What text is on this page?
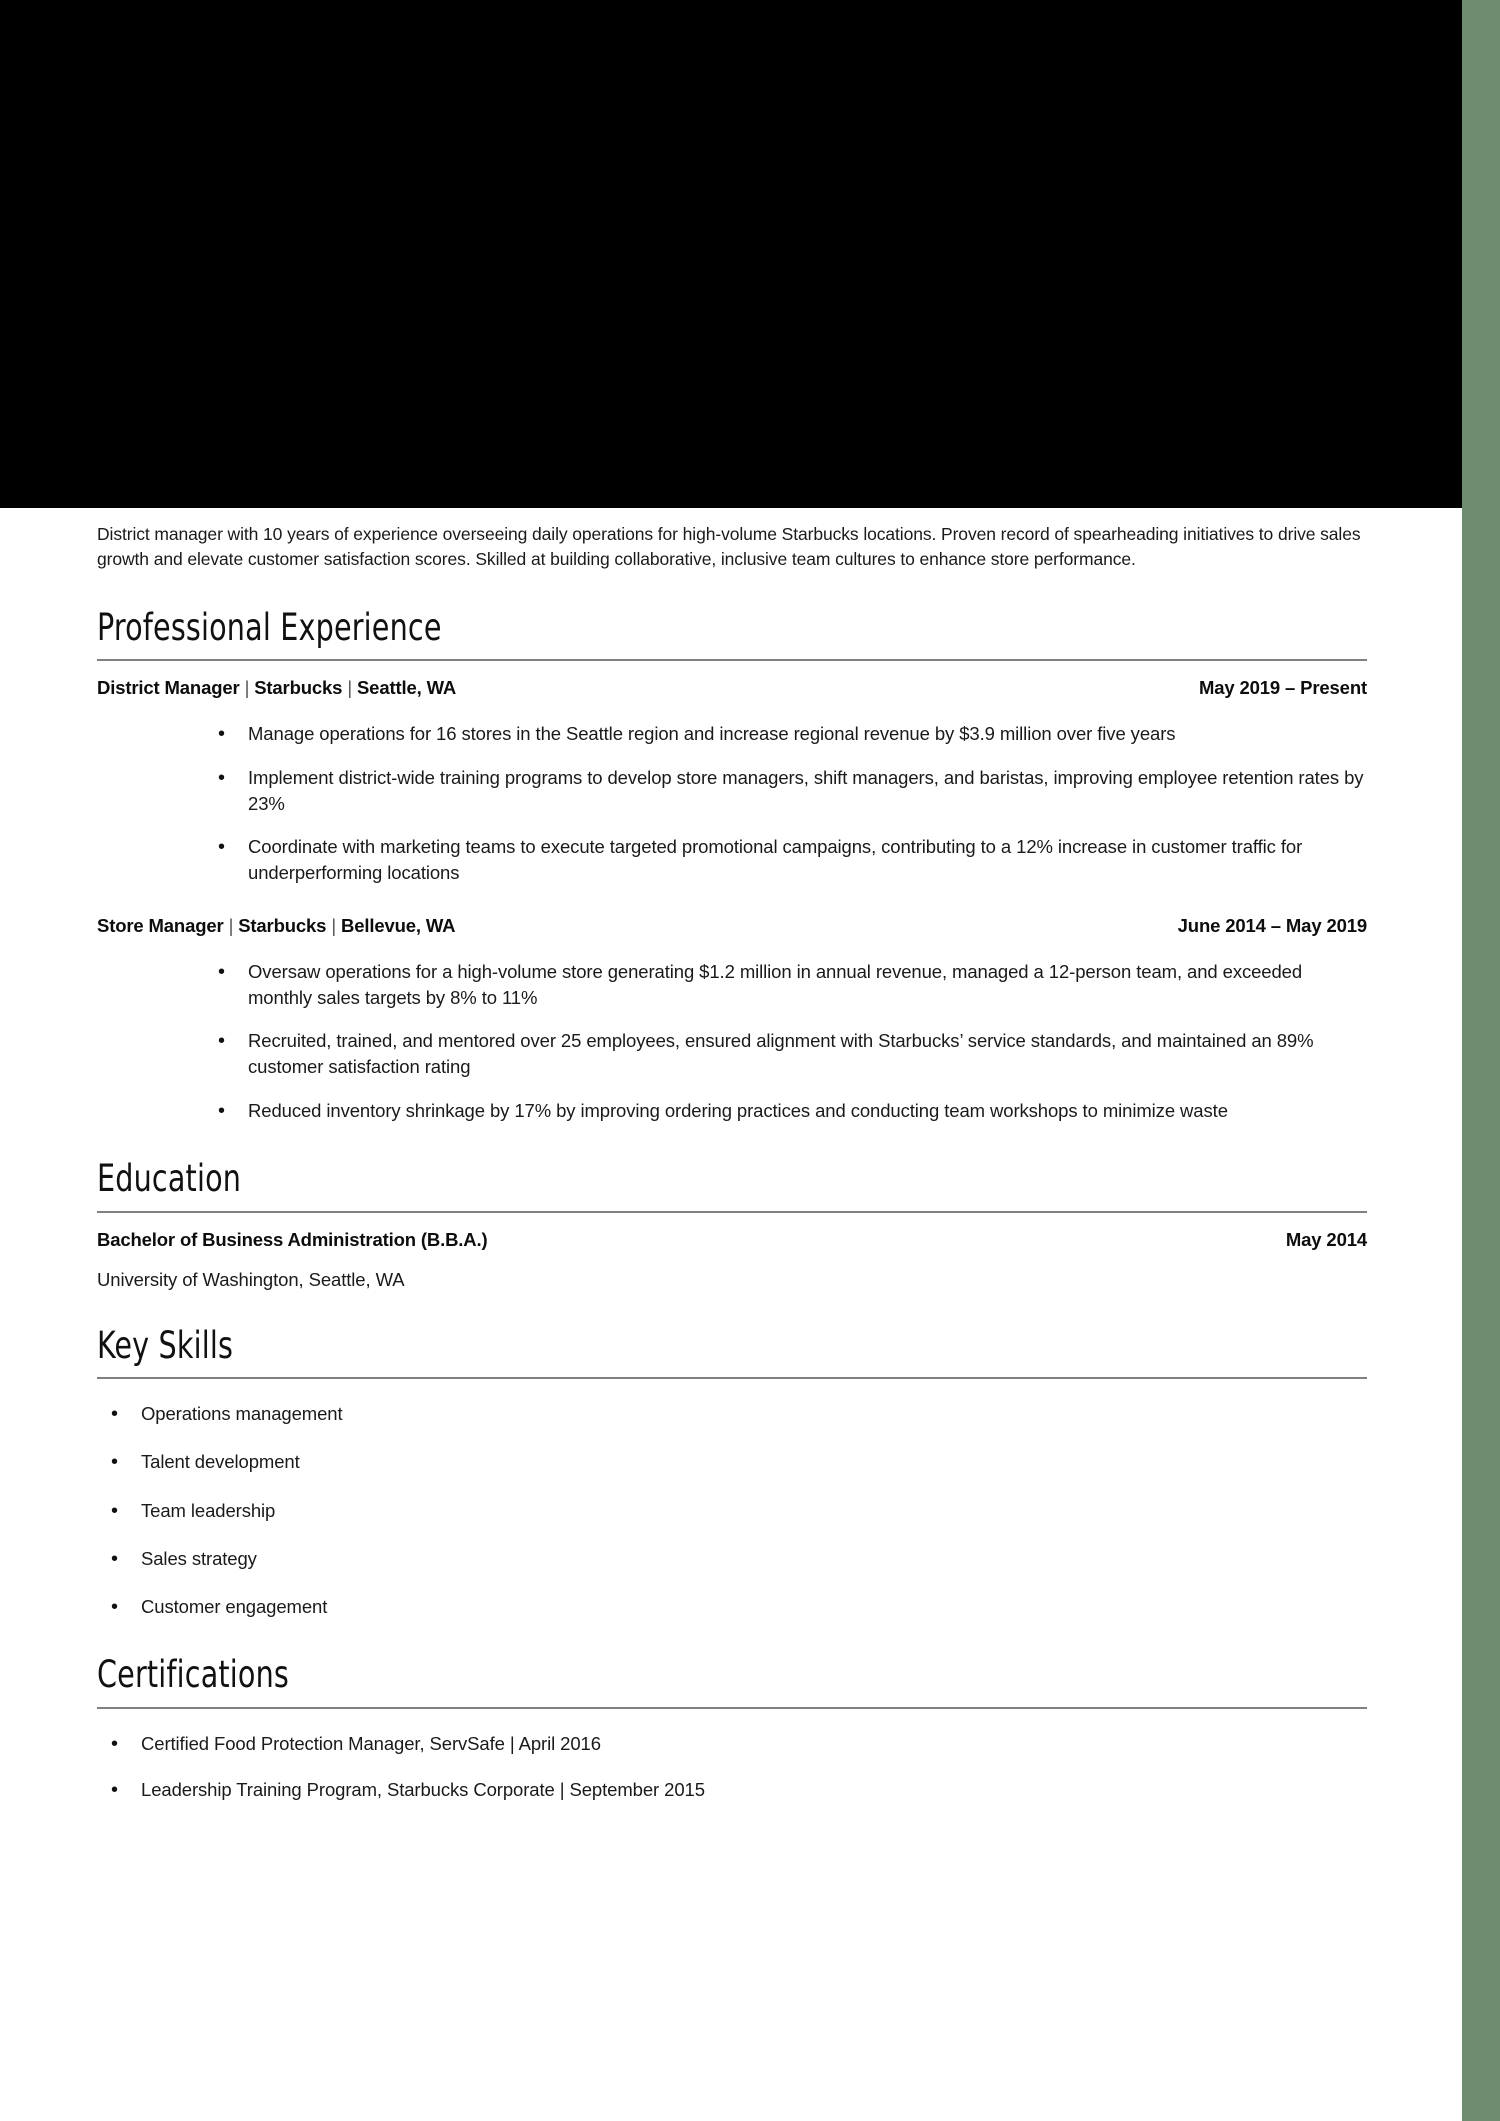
District manager with 10 years of experience overseeing daily operations for high-volume Starbucks locations. Proven record of spearheading initiatives to drive sales growth and elevate customer satisfaction scores. Skilled at building collaborative, inclusive team cultures to enhance store performance.

Professional Experience
District Manager | Starbucks | Seattle, WA	May 2019 – Present
• Manage operations for 16 stores in the Seattle region and increase regional revenue by $3.9 million over five years
• Implement district-wide training programs to develop store managers, shift managers, and baristas, improving employee retention rates by 23%
• Coordinate with marketing teams to execute targeted promotional campaigns, contributing to a 12% increase in customer traffic for underperforming locations
Store Manager | Starbucks | Bellevue, WA	June 2014 – May 2019
• Oversaw operations for a high-volume store generating $1.2 million in annual revenue, managed a 12-person team, and exceeded monthly sales targets by 8% to 11%
• Recruited, trained, and mentored over 25 employees, ensured alignment with Starbucks’ service standards, and maintained an 89% customer satisfaction rating
• Reduced inventory shrinkage by 17% by improving ordering practices and conducting team workshops to minimize waste
Education
Bachelor of Business Administration (B.B.A.)	May 2014
University of Washington, Seattle, WA
Key Skills
• Operations management
• Talent development
• Team leadership
• Sales strategy
• Customer engagement
Certifications
• Certified Food Protection Manager, ServSafe | April 2016
• Leadership Training Program, Starbucks Corporate | September 2015
